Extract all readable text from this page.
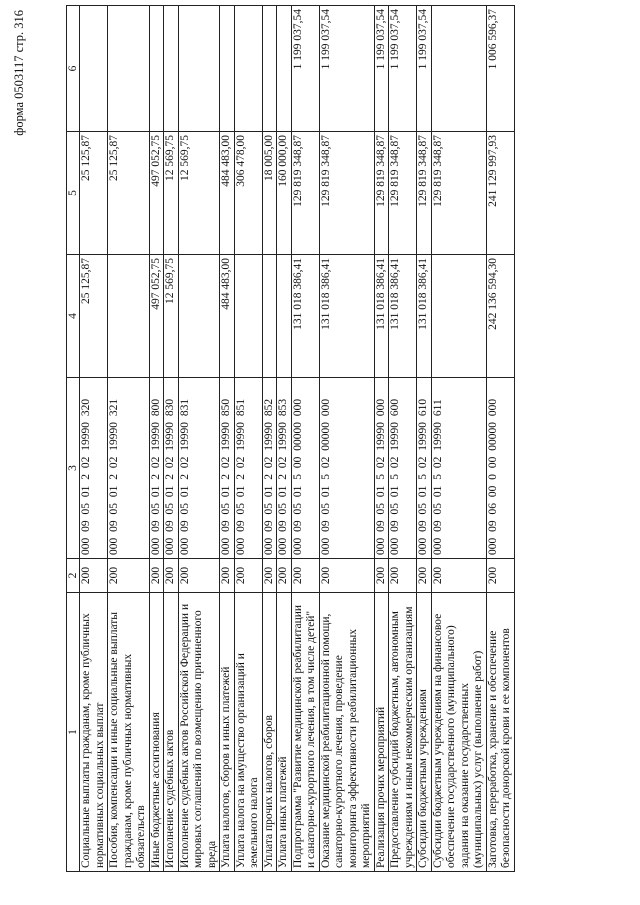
форма 0503117 стр. 316
1	2	3	4	5	6
Социальные выплаты гражданам, кроме публичных нормативных социальных выплат	200	000 09 05 01 2 02 19990 320	25 125,87	25 125,87	
Пособия, компенсации и иные социальные выплаты гражданам, кроме публичных нормативных обязательств	200	000 09 05 01 2 02 19990 321		25 125,87	
Иные бюджетные ассигнования	200	000 09 05 01 2 02 19990 800	497 052,75	497 052,75	
Исполнение судебных актов	200	000 09 05 01 2 02 19990 830	12 569,75	12 569,75	
Исполнение судебных актов Российской Федерации и мировых соглашений по возмещению причиненного вреда	200	000 09 05 01 2 02 19990 831		12 569,75	
Уплата налогов, сборов и иных платежей	200	000 09 05 01 2 02 19990 850	484 483,00	484 483,00	
Уплата налога на имущество организаций и земельного налога	200	000 09 05 01 2 02 19990 851		306 478,00	
Уплата прочих налогов, сборов	200	000 09 05 01 2 02 19990 852		18 005,00	
Уплата иных платежей	200	000 09 05 01 2 02 19990 853		160 000,00	
Подпрограмма "Развитие медицинской реабилитации и санаторно-курортного лечения, в том числе детей"	200	000 09 05 01 5 00 00000 000	131 018 386,41	129 819 348,87	1 199 037,54
Оказание медицинской реабилитационной помощи, санаторно-курортного лечения, проведение мониторинга эффективности реабилитационных мероприятий	200	000 09 05 01 5 02 00000 000	131 018 386,41	129 819 348,87	1 199 037,54
Реализация прочих мероприятий	200	000 09 05 01 5 02 19990 000	131 018 386,41	129 819 348,87	1 199 037,54
Предоставление субсидий бюджетным, автономным учреждениям и иным некоммерческим организациям	200	000 09 05 01 5 02 19990 600	131 018 386,41	129 819 348,87	1 199 037,54
Субсидии бюджетным учреждениям	200	000 09 05 01 5 02 19990 610	131 018 386,41	129 819 348,87	1 199 037,54
Субсидии бюджетным учреждениям на финансовое обеспечение государственного (муниципального) задания на оказание государственных (муниципальных) услуг (выполнение работ)	200	000 09 05 01 5 02 19990 611		129 819 348,87	
Заготовка, переработка, хранение и обеспечение безопасности донорской крови и ее компонентов	200	000 09 06 00 0 00 00000 000	242 136 594,30	241 129 997,93	1 006 596,37
